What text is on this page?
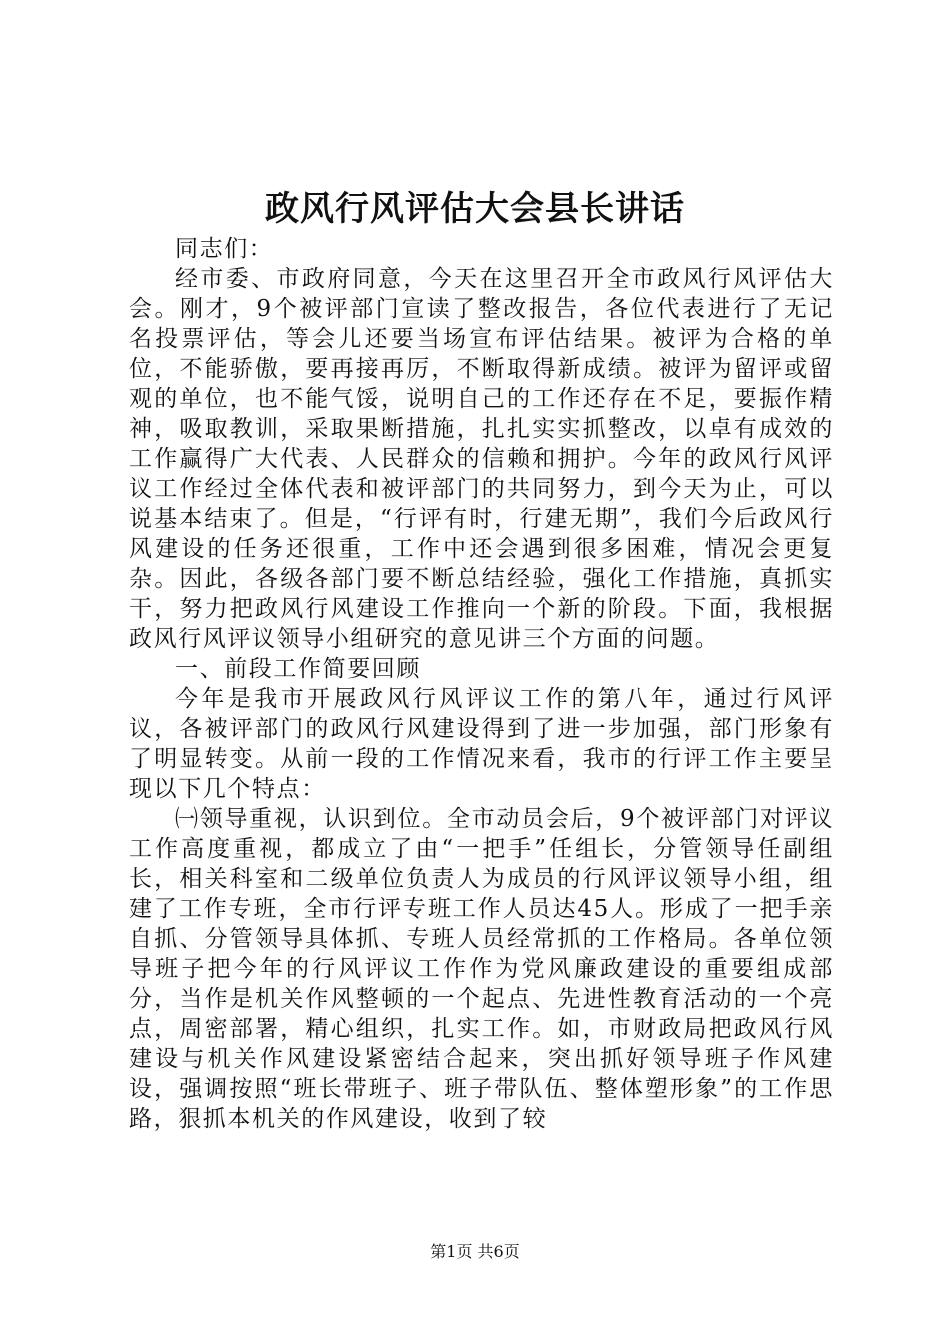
政风行风评估大会县长讲话

同志们：

经市委、市政府同意，今天在这里召开全市政风行风评估大会。刚才，9个被评部门宣读了整改报告，各位代表进行了无记名投票评估，等会儿还要当场宣布评估结果。被评为合格的单位，不能骄傲，要再接再厉，不断取得新成绩。被评为留评或留观的单位，也不能气馁，说明自己的工作还存在不足，要振作精神，吸取教训，采取果断措施，扎扎实实抓整改，以卓有成效的工作赢得广大代表、人民群众的信赖和拥护。今年的政风行风评议工作经过全体代表和被评部门的共同努力，到今天为止，可以说基本结束了。但是，“行评有时，行建无期”，我们今后政风行风建设的任务还很重，工作中还会遇到很多困难，情况会更复杂。因此，各级各部门要不断总结经验，强化工作措施，真抓实干，努力把政风行风建设工作推向一个新的阶段。下面，我根据政风行风评议领导小组研究的意见讲三个方面的问题。

一、前段工作简要回顾

今年是我市开展政风行风评议工作的第八年，通过行风评议，各被评部门的政风行风建设得到了进一步加强，部门形象有了明显转变。从前一段的工作情况来看，我市的行评工作主要呈现以下几个特点：

㈠领导重视，认识到位。全市动员会后，9个被评部门对评议工作高度重视，都成立了由“一把手”任组长，分管领导任副组长，相关科室和二级单位负责人为成员的行风评议领导小组，组建了工作专班，全市行评专班工作人员达45人。形成了一把手亲自抓、分管领导具体抓、专班人员经常抓的工作格局。各单位领导班子把今年的行风评议工作作为党风廉政建设的重要组成部分，当作是机关作风整顿的一个起点、先进性教育活动的一个亮点，周密部署，精心组织，扎实工作。如，市财政局把政风行风建设与机关作风建设紧密结合起来，突出抓好领导班子作风建设，强调按照“班长带班子、班子带队伍、整体塑形象”的工作思路，狠抓本机关的作风建设，收到了较

第1页 共6页
